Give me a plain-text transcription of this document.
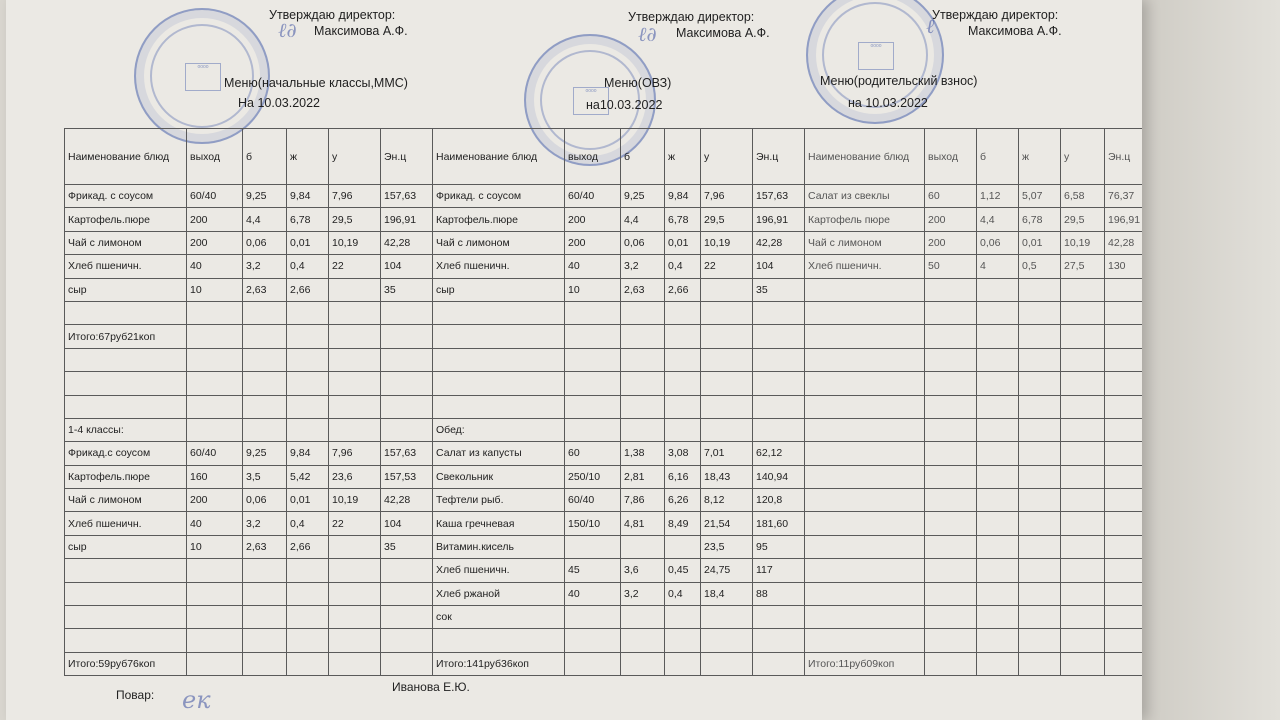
oooo
oooo
oooo
ℓ∂	ℓ∂	ℓ
ек
Утверждаю директор:
Максимова А.Ф.
Утверждаю директор:
Максимова А.Ф.
Утверждаю директор:
Максимова А.Ф.
Меню(начальные классы,ММС)
На 10.03.2022
Меню(ОВЗ)
на10.03.2022
Меню(родительский взнос)
на 10.03.2022
Наименование блюд	выход	б	ж	у	Эн.ц	Наименование блюд	выход	б	ж	у	Эн.ц	Наименование блюд	выход	б	ж	у	Эн.ц
Фрикад. с соусом	60/40	9,25	9,84	7,96	157,63	Фрикад. с соусом	60/40	9,25	9,84	7,96	157,63	Салат из свеклы	60	1,12	5,07	6,58	76,37
Картофель.пюре	200	4,4	6,78	29,5	196,91	Картофель.пюре	200	4,4	6,78	29,5	196,91	Картофель пюре	200	4,4	6,78	29,5	196,91
Чай с лимоном	200	0,06	0,01	10,19	42,28	Чай с лимоном	200	0,06	0,01	10,19	42,28	Чай с лимоном	200	0,06	0,01	10,19	42,28
Хлеб пшеничн.	40	3,2	0,4	22	104	Хлеб пшеничн.	40	3,2	0,4	22	104	Хлеб пшеничн.	50	4	0,5	27,5	130
сыр	10	2,63	2,66		35	сыр	10	2,63	2,66		35						

Итого:67руб21коп																	

1-4 классы:						Обед:											
Фрикад.с соусом	60/40	9,25	9,84	7,96	157,63	Салат из капусты	60	1,38	3,08	7,01	62,12						
Картофель.пюре	160	3,5	5,42	23,6	157,53	Свекольник	250/10	2,81	6,16	18,43	140,94						
Чай с лимоном	200	0,06	0,01	10,19	42,28	Тефтели рыб.	60/40	7,86	6,26	8,12	120,8						
Хлеб пшеничн.	40	3,2	0,4	22	104	Каша гречневая	150/10	4,81	8,49	21,54	181,60						
сыр	10	2,63	2,66		35	Витамин.кисель				23,5	95						
						Хлеб пшеничн.	45	3,6	0,45	24,75	117						
						Хлеб ржаной	40	3,2	0,4	18,4	88						
						сок											

Итого:59руб76коп						Итого:141руб36коп						Итого:11руб09коп					
Повар:
Иванова Е.Ю.
